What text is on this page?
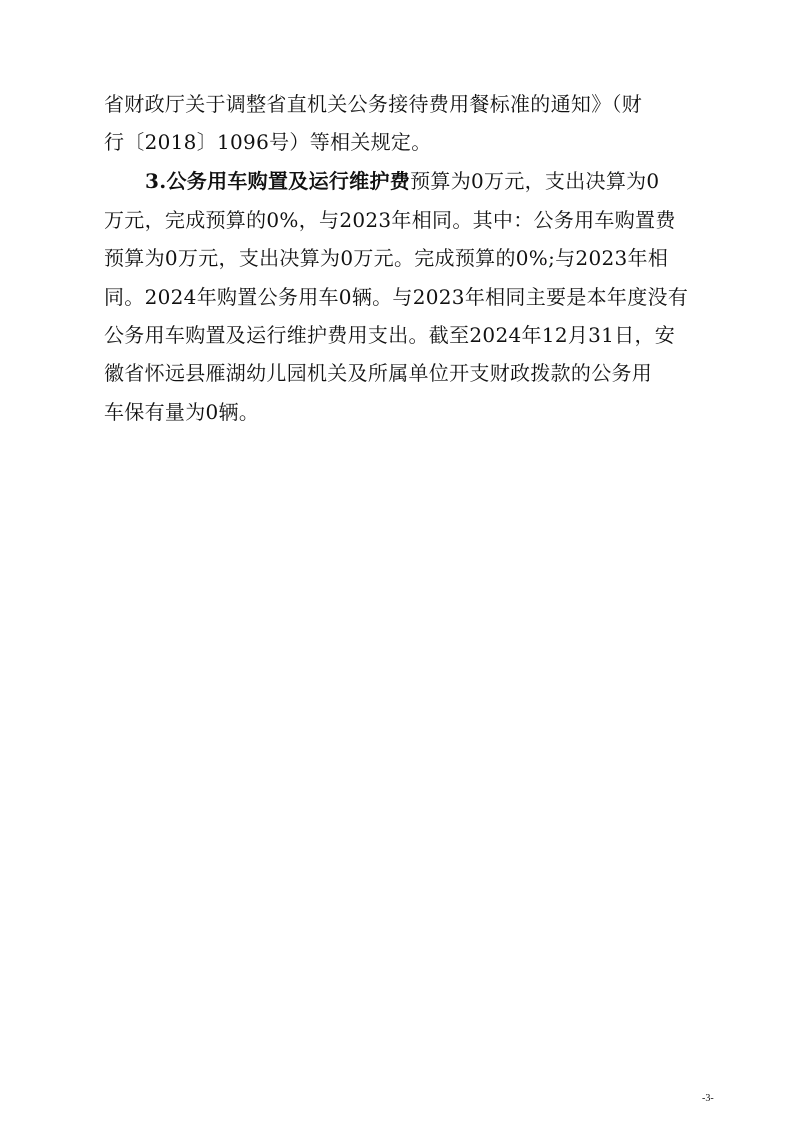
省财政厅关于调整省直机关公务接待费用餐标准的通知》（财
行〔2018〕1096号）等相关规定。
3.公务用车购置及运行维护费预算为0万元，支出决算为0
万元，完成预算的0%，与2023年相同。其中：公务用车购置费
预算为0万元，支出决算为0万元。完成预算的0%;与2023年相
同。2024年购置公务用车0辆。与2023年相同主要是本年度没有
公务用车购置及运行维护费用支出。截至2024年12月31日，安
徽省怀远县雁湖幼儿园机关及所属单位开支财政拨款的公务用
车保有量为0辆。
-3-
